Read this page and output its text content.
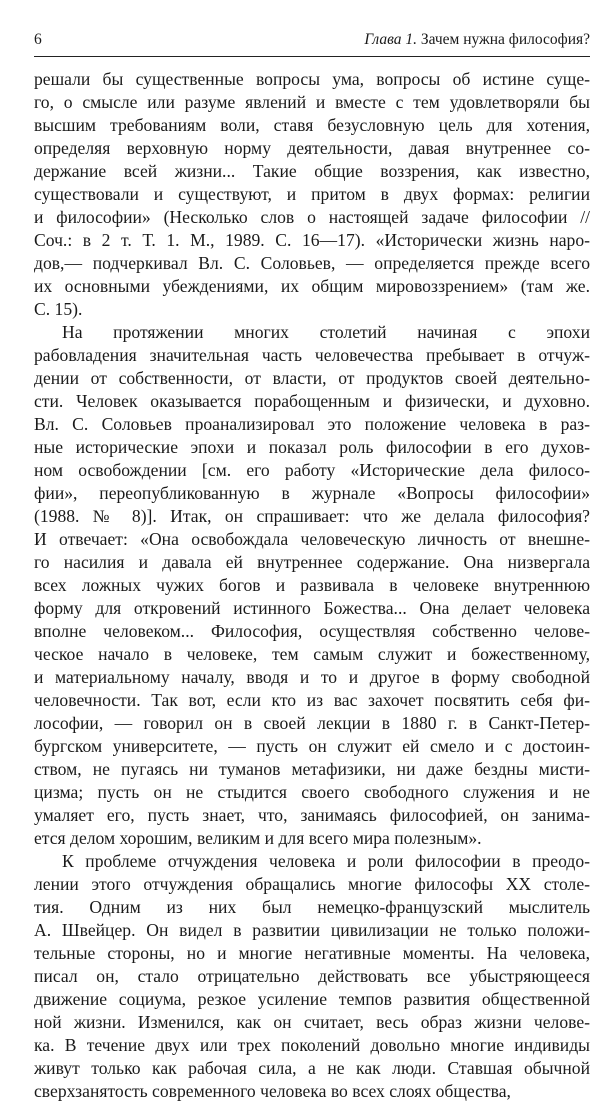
6	Глава 1. Зачем нужна философия?
решали бы существенные вопросы ума, вопросы об истине суще-
го, о смысле или разуме явлений и вместе с тем удовлетворяли бы
высшим требованиям воли, ставя безусловную цель для хотения,
определяя верховную норму деятельности, давая внутреннее со-
держание всей жизни... Такие общие воззрения, как известно,
существовали и существуют, и притом в двух формах: религии
и философии» (Несколько слов о настоящей задаче философии //
Соч.: в 2 т. Т. 1. М., 1989. С. 16—17). «Исторически жизнь наро-
дов,— подчеркивал Вл. С. Соловьев, — определяется прежде всего
их основными убеждениями, их общим мировоззрением» (там же.
С. 15).
На протяжении многих столетий начиная с эпохи
рабовладения значительная часть человечества пребывает в отчуж-
дении от собственности, от власти, от продуктов своей деятельно-
сти. Человек оказывается порабощенным и физически, и духовно.
Вл. С. Соловьев проанализировал это положение человека в раз-
ные исторические эпохи и показал роль философии в его духов-
ном освобождении [см. его работу «Исторические дела филосо-
фии», переопубликованную в журнале «Вопросы философии»
(1988. № 8)]. Итак, он спрашивает: что же делала философия?
И отвечает: «Она освобождала человеческую личность от внешне-
го насилия и давала ей внутреннее содержание. Она низвергала
всех ложных чужих богов и развивала в человеке внутреннюю
форму для откровений истинного Божества... Она делает человека
вполне человеком... Философия, осуществляя собственно челове-
ческое начало в человеке, тем самым служит и божественному,
и материальному началу, вводя и то и другое в форму свободной
человечности. Так вот, если кто из вас захочет посвятить себя фи-
лософии, — говорил он в своей лекции в 1880 г. в Санкт-Петер-
бургском университете, — пусть он служит ей смело и с достоин-
ством, не пугаясь ни туманов метафизики, ни даже бездны мисти-
цизма; пусть он не стыдится своего свободного служения и не
умаляет его, пусть знает, что, занимаясь философией, он занима-
ется делом хорошим, великим и для всего мира полезным».
К проблеме отчуждения человека и роли философии в преодо-
лении этого отчуждения обращались многие философы XX столе-
тия. Одним из них был немецко-французский мыслитель
А. Швейцер. Он видел в развитии цивилизации не только положи-
тельные стороны, но и многие негативные моменты. На человека,
писал он, стало отрицательно действовать все убыстряющееся
движение социума, резкое усиление темпов развития общественной
ной жизни. Изменился, как он считает, весь образ жизни челове-
ка. В течение двух или трех поколений довольно многие индивиды
живут только как рабочая сила, а не как люди. Ставшая обычной
сверхзанятость современного человека во всех слоях общества,
